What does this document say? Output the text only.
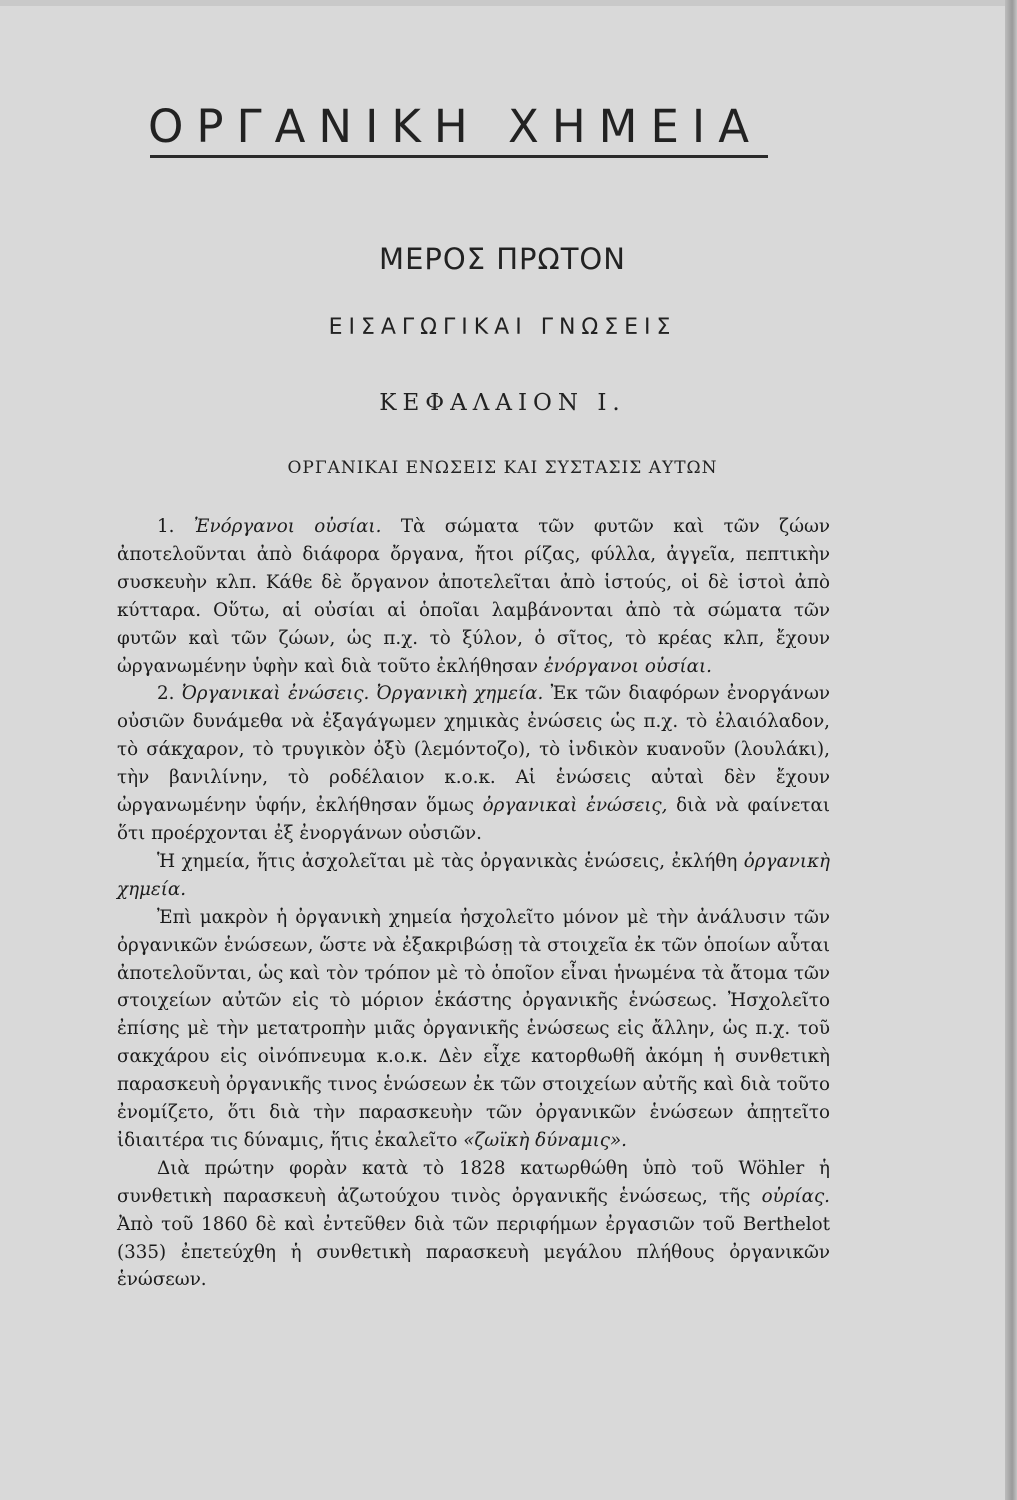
ΟΡΓΑΝΙΚΗ ΧΗΜΕΙΑ
ΜΕΡΟΣ ΠΡΩΤΟΝ
ΕΙΣΑΓΩΓΙΚΑΙ ΓΝΩΣΕΙΣ
ΚΕΦΑΛΑΙΟΝ Ι.
ΟΡΓΑΝΙΚΑΙ ΕΝΩΣΕΙΣ ΚΑΙ ΣΥΣΤΑΣΙΣ ΑΥΤΩΝ

1. Ἐνόργανοι οὐσίαι. Τὰ σώματα τῶν φυτῶν καὶ τῶν ζώων ἀποτελοῦνται ἀπὸ διάφορα ὄργανα, ἤτοι ρίζας, φύλλα, ἀγγεῖα, πεπτικὴν συσκευὴν κλπ. Κάθε δὲ ὄργανον ἀποτελεῖται ἀπὸ ἱστούς, οἱ δὲ ἱστοὶ ἀπὸ κύτταρα. Οὕτω, αἱ οὐσίαι αἱ ὁποῖαι λαμβάνονται ἀπὸ τὰ σώματα τῶν φυτῶν καὶ τῶν ζώων, ὡς π.χ. τὸ ξύλον, ὁ σῖτος, τὸ κρέας κλπ, ἔχουν ὠργανωμένην ὑφὴν καὶ διὰ τοῦτο ἐκλήθησαν ἐνόργανοι οὐσίαι.

2. Ὀργανικαὶ ἐνώσεις. Ὀργανικὴ χημεία. Ἐκ τῶν διαφόρων ἐνοργάνων οὐσιῶν δυνάμεθα νὰ ἐξαγάγωμεν χημικὰς ἐνώσεις ὡς π.χ. τὸ ἐλαιόλαδον, τὸ σάκχαρον, τὸ τρυγικὸν ὀξὺ (λεμόντοζο), τὸ ἰνδικὸν κυανοῦν (λουλάκι), τὴν βανιλίνην, τὸ ροδέλαιον κ.ο.κ. Αἱ ἑνώσεις αὐταὶ δὲν ἔχουν ὠργανωμένην ὑφήν, ἐκλήθησαν ὅμως ὀργανικαὶ ἐνώσεις, διὰ νὰ φαίνεται ὅτι προέρχονται ἐξ ἐνοργάνων οὐσιῶν.

Ἡ χημεία, ἥτις ἀσχολεῖται μὲ τὰς ὀργανικὰς ἑνώσεις, ἐκλήθη ὀργανικὴ χημεία.

Ἐπὶ μακρὸν ἡ ὀργανικὴ χημεία ἠσχολεῖτο μόνον μὲ τὴν ἀνάλυσιν τῶν ὀργανικῶν ἑνώσεων, ὥστε νὰ ἐξακριβώσῃ τὰ στοιχεῖα ἐκ τῶν ὁποίων αὗται ἀποτελοῦνται, ὡς καὶ τὸν τρόπον μὲ τὸ ὁποῖον εἶναι ἡνωμένα τὰ ἄτομα τῶν στοιχείων αὐτῶν εἰς τὸ μόριον ἑκάστης ὀργανικῆς ἑνώσεως. Ἠσχολεῖτο ἐπίσης μὲ τὴν μετατροπὴν μιᾶς ὀργανικῆς ἑνώσεως εἰς ἄλλην, ὡς π.χ. τοῦ σακχάρου εἰς οἰνόπνευμα κ.ο.κ. Δὲν εἶχε κατορθωθῆ ἀκόμη ἡ συνθετικὴ παρασκευὴ ὀργανικῆς τινος ἑνώσεων ἐκ τῶν στοιχείων αὐτῆς καὶ διὰ τοῦτο ἐνομίζετο, ὅτι διὰ τὴν παρασκευὴν τῶν ὀργανικῶν ἑνώσεων ἀπῃτεῖτο ἰδιαιτέρα τις δύναμις, ἥτις ἐκαλεῖτο «ζωϊκὴ δύναμις».

Διὰ πρώτην φορὰν κατὰ τὸ 1828 κατωρθώθη ὑπὸ τοῦ Wöhler ἡ συνθετικὴ παρασκευὴ ἀζωτούχου τινὸς ὀργανικῆς ἑνώσεως, τῆς οὐρίας. Ἀπὸ τοῦ 1860 δὲ καὶ ἐντεῦθεν διὰ τῶν περιφήμων ἐργασιῶν τοῦ Berthelot (335) ἐπετεύχθη ἡ συνθετικὴ παρασκευὴ μεγάλου πλήθους ὀργανικῶν ἑνώσεων.
